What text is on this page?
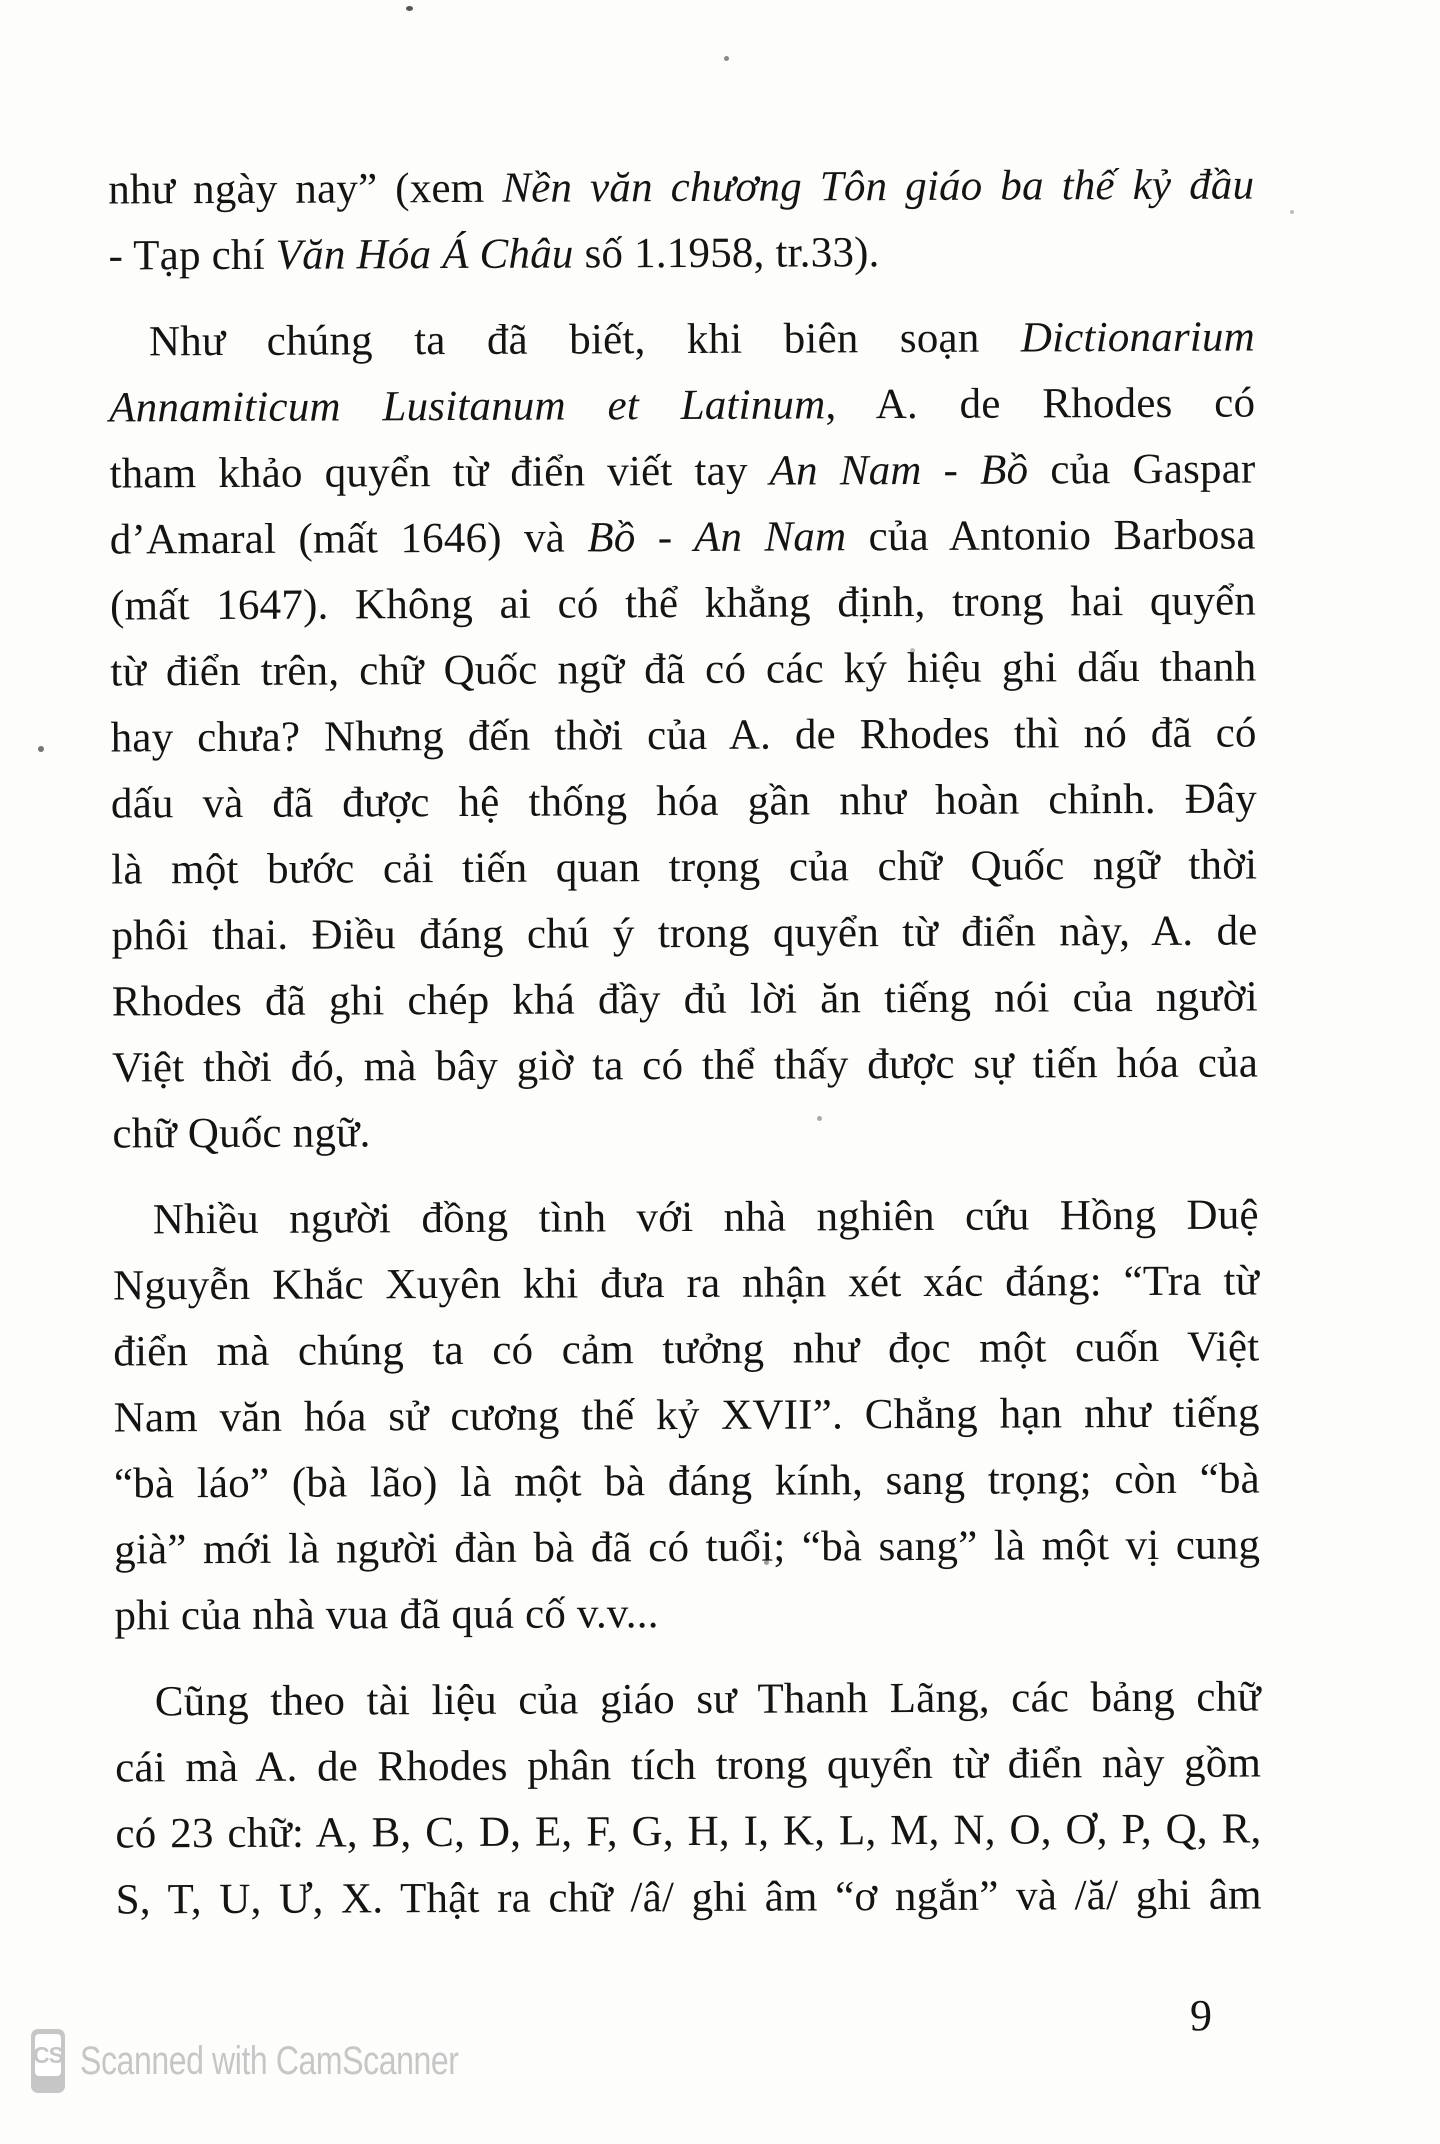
như ngày nay” (xem Nền văn chương Tôn giáo ba thế kỷ đầu
- Tạp chí Văn Hóa Á Châu số 1.1958, tr.33).
Như chúng ta đã biết, khi biên soạn Dictionarium
Annamiticum Lusitanum et Latinum, A. de Rhodes có
tham khảo quyển từ điển viết tay An Nam - Bồ của Gaspar
d’Amaral (mất 1646) và Bồ - An Nam của Antonio Barbosa
(mất 1647). Không ai có thể khẳng định, trong hai quyển
từ điển trên, chữ Quốc ngữ đã có các ký hiệu ghi dấu thanh
hay chưa? Nhưng đến thời của A. de Rhodes thì nó đã có
dấu và đã được hệ thống hóa gần như hoàn chỉnh. Đây
là một bước cải tiến quan trọng của chữ Quốc ngữ thời
phôi thai. Điều đáng chú ý trong quyển từ điển này, A. de
Rhodes đã ghi chép khá đầy đủ lời ăn tiếng nói của người
Việt thời đó, mà bây giờ ta có thể thấy được sự tiến hóa của
chữ Quốc ngữ.
Nhiều người đồng tình với nhà nghiên cứu Hồng Duệ
Nguyễn Khắc Xuyên khi đưa ra nhận xét xác đáng: “Tra từ
điển mà chúng ta có cảm tưởng như đọc một cuốn Việt
Nam văn hóa sử cương thế kỷ XVII”. Chẳng hạn như tiếng
“bà láo” (bà lão) là một bà đáng kính, sang trọng; còn “bà
già” mới là người đàn bà đã có tuổi; “bà sang” là một vị cung
phi của nhà vua đã quá cố v.v...
Cũng theo tài liệu của giáo sư Thanh Lãng, các bảng chữ
cái mà A. de Rhodes phân tích trong quyển từ điển này gồm
có 23 chữ: A, B, C, D, E, F, G, H, I, K, L, M, N, O, Ơ, P, Q, R,
S, T, U, Ư, X. Thật ra chữ /â/ ghi âm “ơ ngắn” và /ă/ ghi âm
9
CS Scanned with CamScanner
